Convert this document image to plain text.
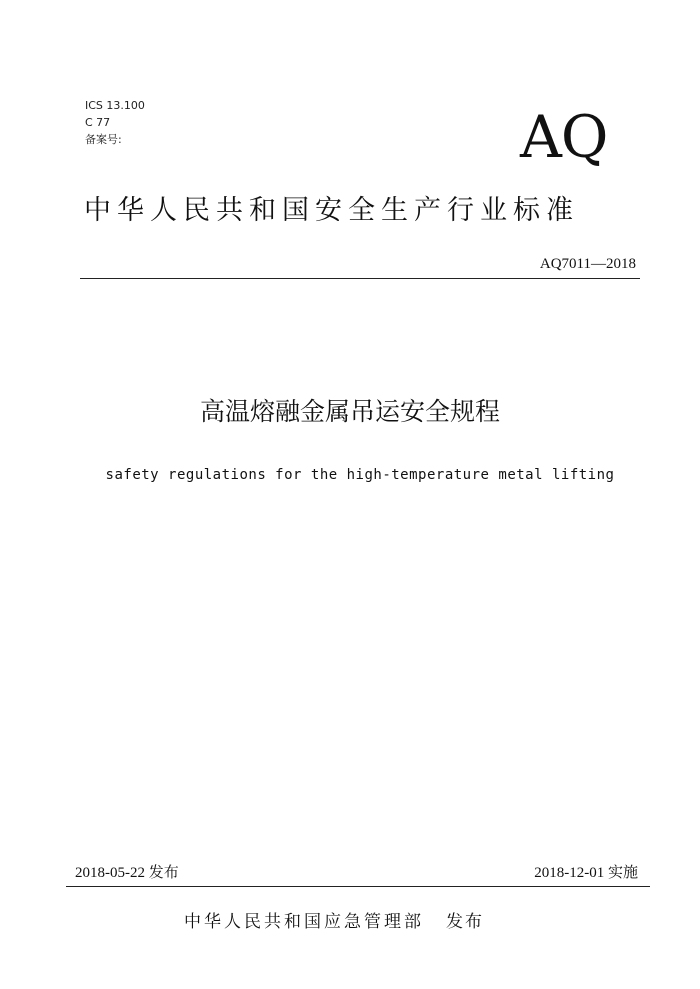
ICS 13.100
C 77
备案号:	AQ
中华人民共和国安全生产行业标准
AQ7011—2018
高温熔融金属吊运安全规程
safety regulations for the high-temperature metal lifting
2018-05-22 发布	2018-12-01 实施
中华人民共和国应急管理部 发布
